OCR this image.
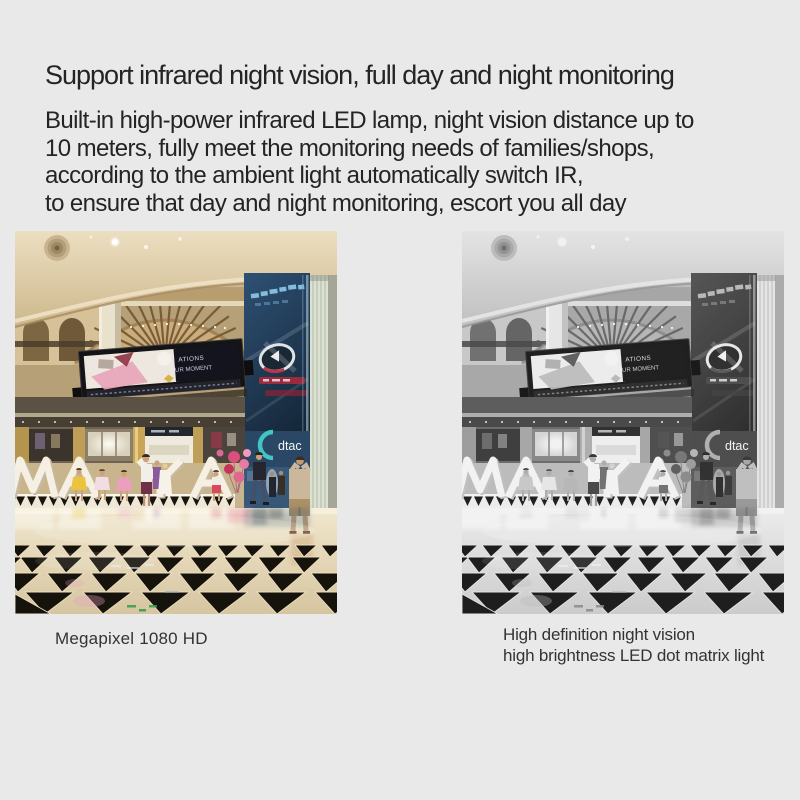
Support infrared night vision, full day and night monitoring
Built-in high-power infrared LED lamp, night vision distance up to
10 meters, fully meet the monitoring needs of families/shops,
according to the ambient light automatically switch IR,
to ensure that day and night monitoring, escort you all day
Megapixel 1080 HD	High definition night vision
high brightness LED dot matrix light
